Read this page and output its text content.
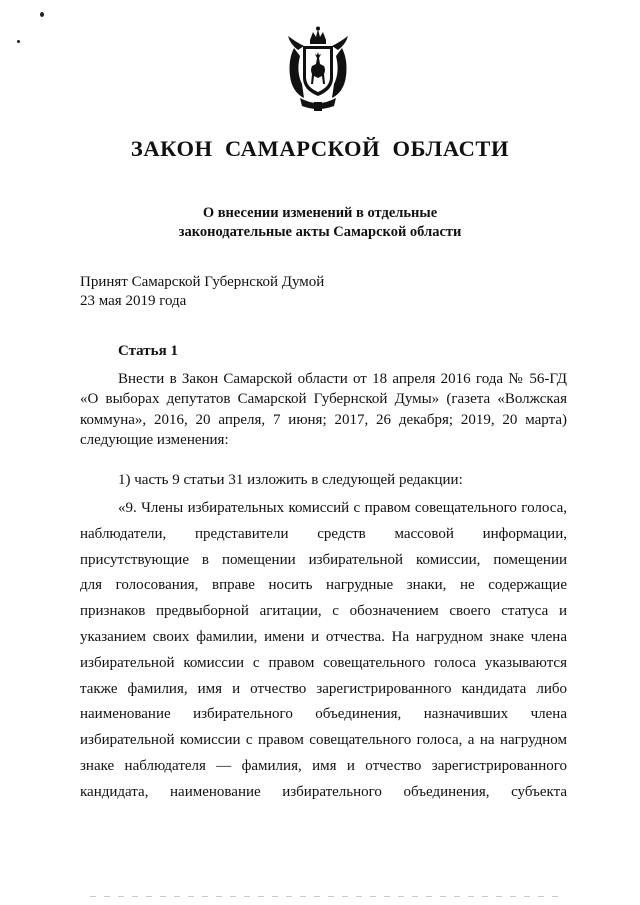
ЗАКОН САМАРСКОЙ ОБЛАСТИ
О внесении изменений в отдельные
законодательные акты Самарской области
Принят Самарской Губернской Думой
23 мая 2019 года
Статья 1
Внести в Закон Самарской области от 18 апреля 2016 года № 56-ГД
«О выборах депутатов Самарской Губернской Думы» (газета «Волжская
коммуна», 2016, 20 апреля, 7 июня; 2017, 26 декабря; 2019, 20 марта)
следующие изменения:
1) часть 9 статьи 31 изложить в следующей редакции:
«9. Члены избирательных комиссий с правом совещательного голоса,
наблюдатели, представители средств массовой информации,
присутствующие в помещении избирательной комиссии, помещении
для голосования, вправе носить нагрудные знаки, не содержащие
признаков предвыборной агитации, с обозначением своего статуса и
указанием своих фамилии, имени и отчества. На нагрудном знаке члена
избирательной комиссии с правом совещательного голоса указываются
также фамилия, имя и отчество зарегистрированного кандидата либо
наименование избирательного объединения, назначивших члена
избирательной комиссии с правом совещательного голоса, а на нагрудном
знаке наблюдателя — фамилия, имя и отчество зарегистрированного
кандидата, наименование избирательного объединения, субъекта
